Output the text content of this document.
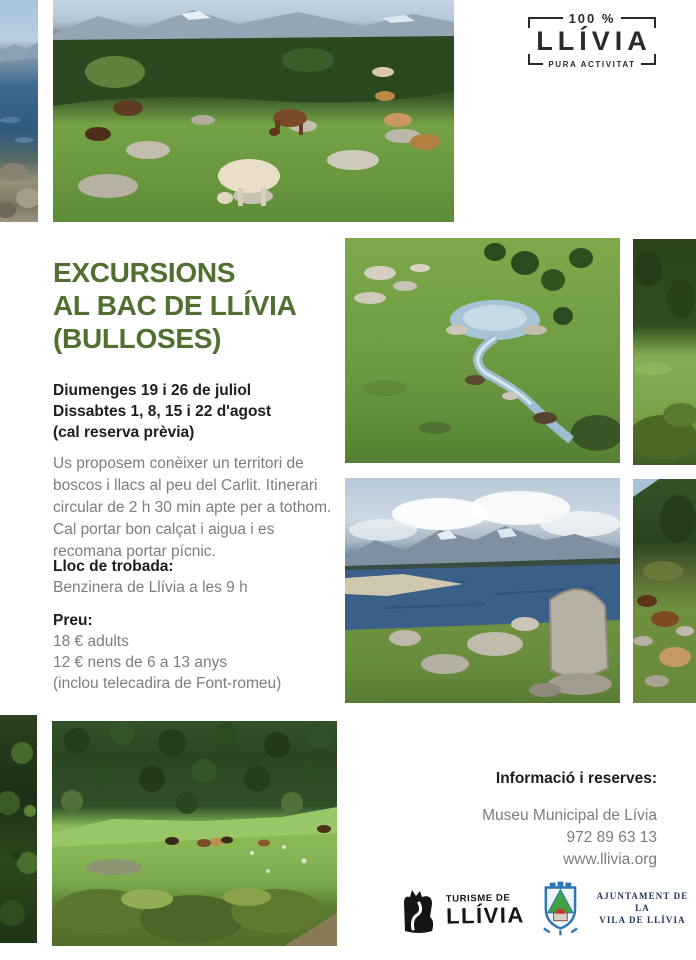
100 %
LLÍVIA
PURA ACTIVITAT
EXCURSIONS
AL BAC DE LLÍVIA
(BULLOSES)
Diumenges 19 i 26 de juliol
Dissabtes 1, 8, 15 i 22 d'agost
(cal reserva prèvia)

Us proposem conèixer un territori de boscos i llacs al peu del Carlit. Itinerari circular de 2 h 30 min apte per a tothom. Cal portar bon calçat i aigua i es recomana portar pícnic.

Lloc de trobada:
Benzinera de Llívia a les 9 h
Preu:
18 € adults
12 € nens de 6 a 13 anys
(inclou telecadira de Font-romeu)
Informació i reserves:
Museu Municipal de Lívia
972 89 63 13
www.llivia.org
TURISME DE
LLÍVIA
AJUNTAMENT DE LA
VILA DE LLÍVIA
